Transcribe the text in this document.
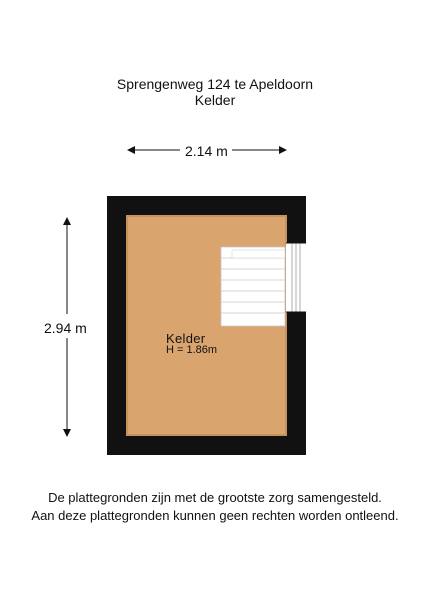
Sprengenweg 124 te Apeldoorn
Kelder
2.14 m
2.94 m
Kelder
H = 1.86m
De plattegronden zijn met de grootste zorg samengesteld.
Aan deze plattegronden kunnen geen rechten worden ontleend.
